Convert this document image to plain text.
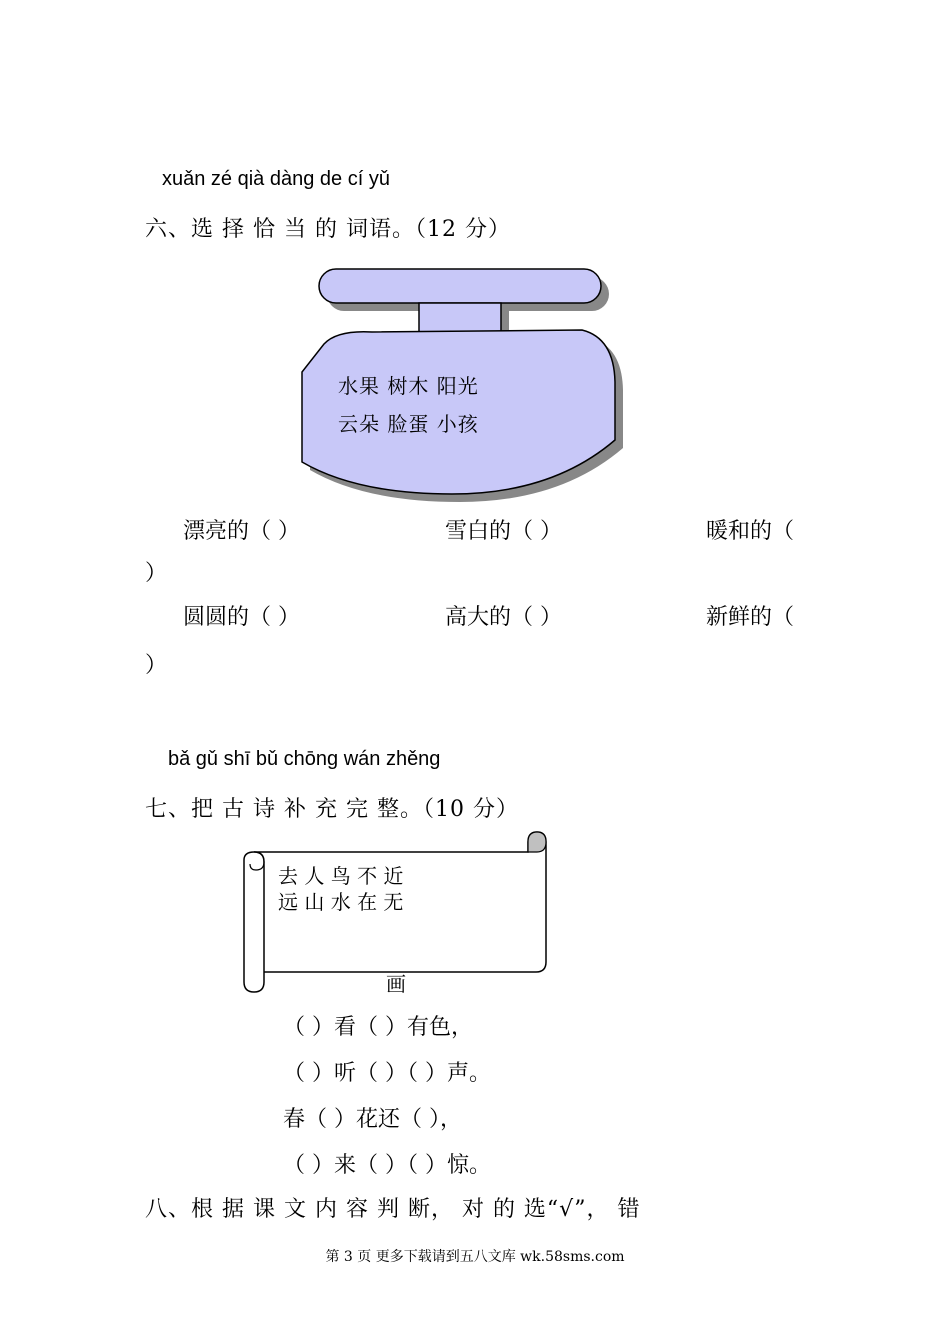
xuǎn zé qià dàng de cí yǔ
六、选 择 恰 当 的 词语。（12 分）
水果 树木 阳光
云朵 脸蛋 小孩
漂亮的（ ）	雪白的（ ）	暖和的（
）
圆圆的（ ）	高大的（ ）	新鲜的（
）
bǎ gǔ shī bǔ chōng wán zhěng
七、把 古 诗 补 充 完 整。（10 分）
去 人 鸟 不 近
远 山 水 在 无
画
（ ）看（ ）有色，
（ ）听（ ）（ ）声。
春（ ）花还（ ），
（ ）来（ ）（ ）惊。
八、根 据 课 文 内 容 判 断， 对 的 选“√”， 错
第 3 页 更多下载请到五八文库 wk.58sms.com
